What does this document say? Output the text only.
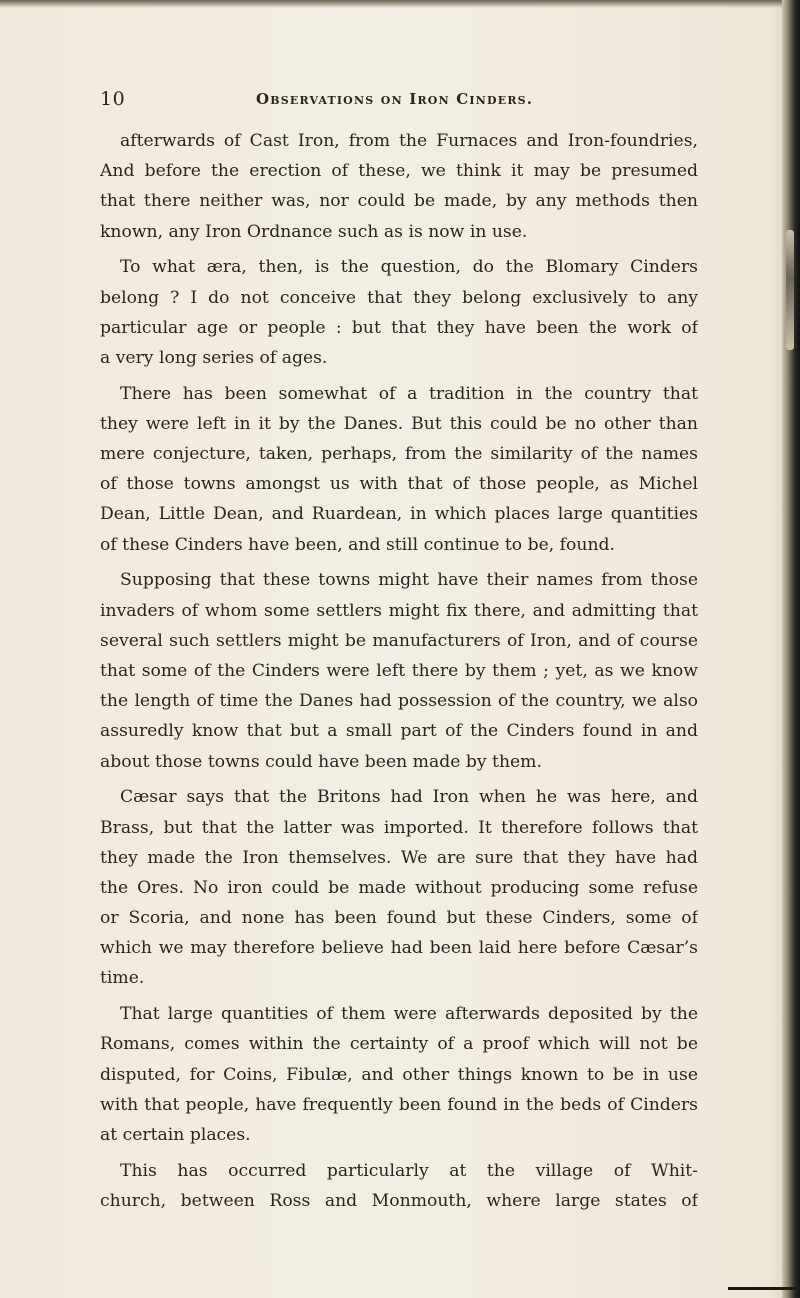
10	Observations on Iron Cinders.
afterwards of Cast Iron, from the Furnaces and Iron-foundries,
And before the erection of these, we think it may be presumed
that there neither was, nor could be made, by any methods then
known, any Iron Ordnance such as is now in use.
To what æra, then, is the question, do the Blomary Cinders
belong ? I do not conceive that they belong exclusively to any
particular age or people : but that they have been the work of
a very long series of ages.
There has been somewhat of a tradition in the country that
they were left in it by the Danes. But this could be no other than
mere conjecture, taken, perhaps, from the similarity of the names
of those towns amongst us with that of those people, as Michel
Dean, Little Dean, and Ruardean, in which places large quantities
of these Cinders have been, and still continue to be, found.
Supposing that these towns might have their names from those
invaders of whom some settlers might fix there, and admitting that
several such settlers might be manufacturers of Iron, and of course
that some of the Cinders were left there by them ; yet, as we know
the length of time the Danes had possession of the country, we also
assuredly know that but a small part of the Cinders found in and
about those towns could have been made by them.
Cæsar says that the Britons had Iron when he was here, and
Brass, but that the latter was imported. It therefore follows that
they made the Iron themselves. We are sure that they have had
the Ores. No iron could be made without producing some refuse
or Scoria, and none has been found but these Cinders, some of
which we may therefore believe had been laid here before Cæsar’s
time.
That large quantities of them were afterwards deposited by the
Romans, comes within the certainty of a proof which will not be
disputed, for Coins, Fibulæ, and other things known to be in use
with that people, have frequently been found in the beds of Cinders
at certain places.
This has occurred particularly at the village of Whit-
church, between Ross and Monmouth, where large states of
